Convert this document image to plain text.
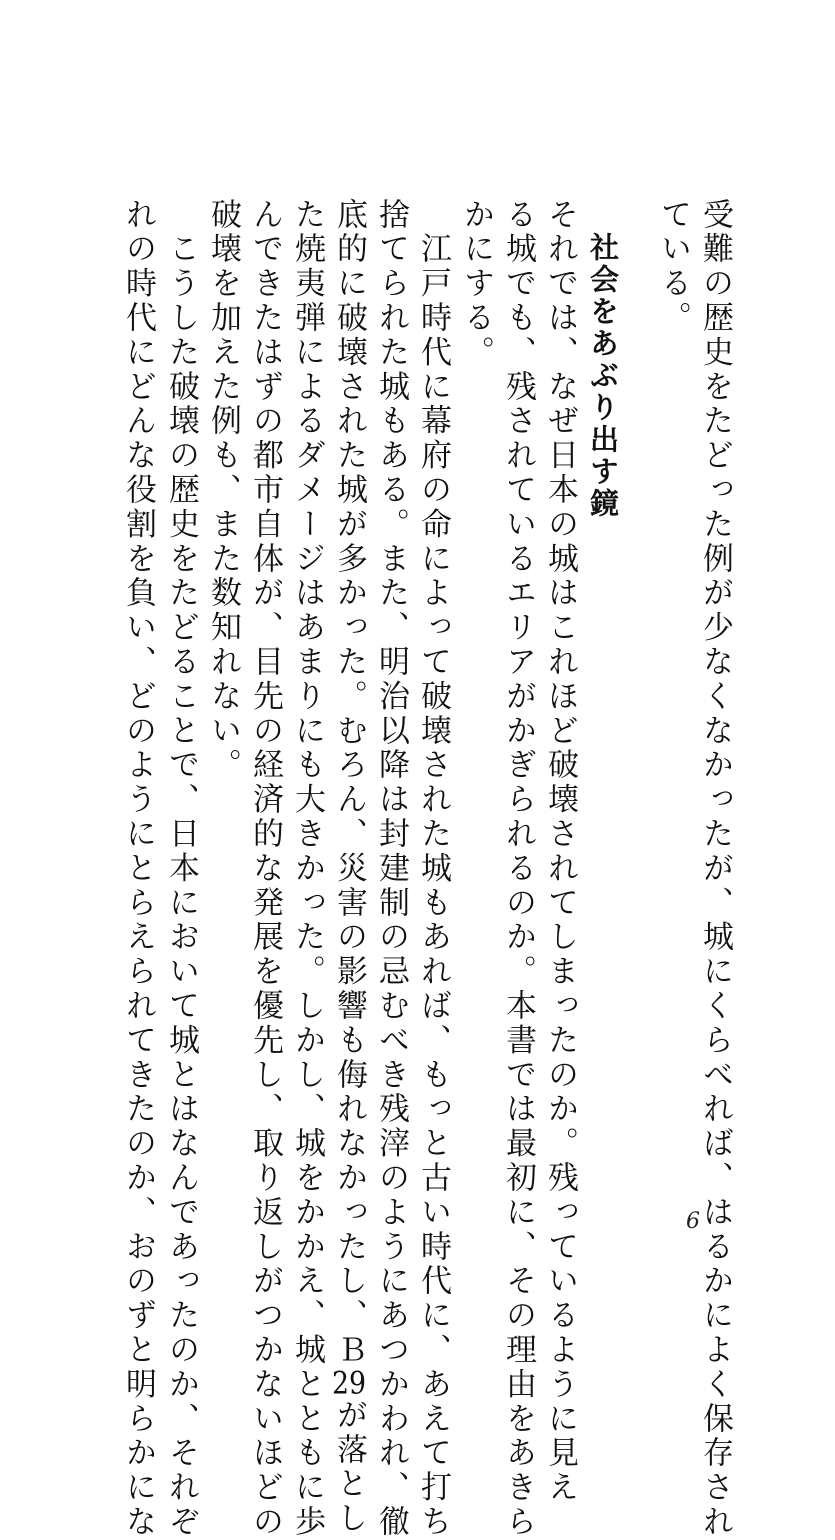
受難の歴史をたどった例が少なくなかったが、城にくらべれば、はるかによく保存され
ている。
社会をあぶり出す鏡
それでは、なぜ日本の城はこれほど破壊されてしまったのか。残っているように見え
る城でも、残されているエリアがかぎられるのか。本書では最初に、その理由をあきら
かにする。
　江戸時代に幕府の命によって破壊された城もあれば、もっと古い時代に、あえて打ち
捨てられた城もある。また、明治以降は封建制の忌むべき残滓のようにあつかわれ、徹
底的に破壊された城が多かった。むろん、災害の影響も侮れなかったし、Ｂ29が落とし
た焼夷弾によるダメージはあまりにも大きかった。しかし、城をかかえ、城とともに歩
んできたはずの都市自体が、目先の経済的な発展を優先し、取り返しがつかないほどの
破壊を加えた例も、また数知れない。
　こうした破壊の歴史をたどることで、日本において城とはなんであったのか、それぞ
れの時代にどんな役割を負い、どのようにとらえられてきたのか、おのずと明らかにな	6
